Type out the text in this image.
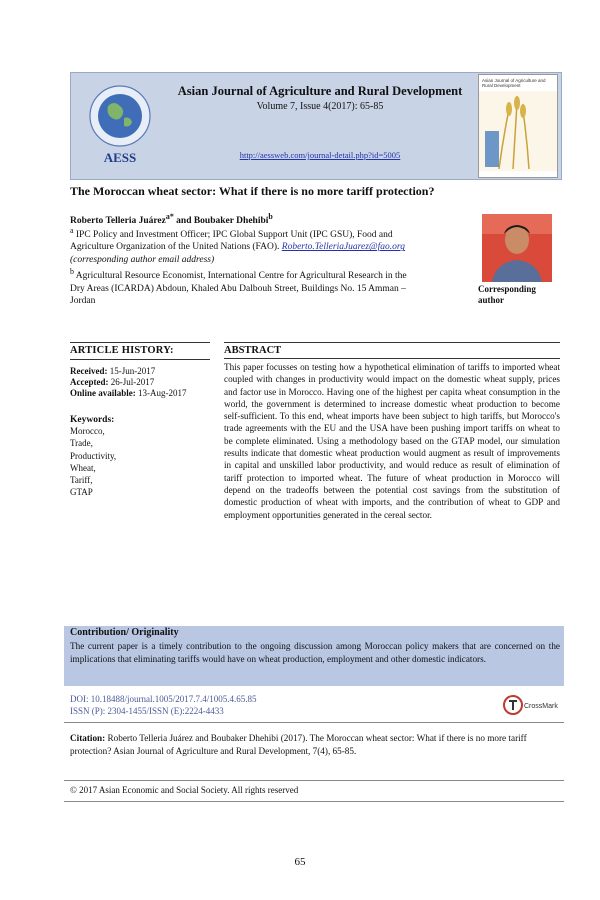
AESS
Asian Journal of Agriculture and Rural Development
Volume 7, Issue 4(2017): 65-85
http://aessweb.com/journal-detail.php?id=5005
Asian Journal of Agriculture and Rural Development
The Moroccan wheat sector: What if there is no more tariff protection?
Roberto Telleria Juárez$^{a*}$ and Boubaker Dhehibi$^b$
$^a$ IPC Policy and Investment Officer; IPC Global Support Unit (IPC GSU), Food and Agriculture Organization of the United Nations (FAO). Roberto.TelleriaJuarez@fao.org (corresponding author email address)
$^b$ Agricultural Resource Economist, International Centre for Agricultural Research in the Dry Areas (ICARDA) Abdoun, Khaled Abu Dalbouh Street, Buildings No. 15 Amman – Jordan
Corresponding author
ARTICLE HISTORY:
Received: 15-Jun-2017
Accepted: 26-Jul-2017
Online available: 13-Aug-2017
Keywords:
Morocco,
Trade,
Productivity,
Wheat,
Tariff,
GTAP
ABSTRACT
This paper focusses on testing how a hypothetical elimination of tariffs to imported wheat coupled with changes in productivity would impact on the domestic wheat supply, prices and factor use in Morocco. Having one of the highest per capita wheat consumption in the world, the government is determined to increase domestic wheat production to become self-sufficient. To this end, wheat imports have been subject to high tariffs, but Morocco's trade agreements with the EU and the USA have been pushing import tariffs on wheat to be complete eliminated. Using a methodology based on the GTAP model, our simulation results indicate that domestic wheat production would augment as result of improvements in capital and unskilled labor productivity, and would reduce as result of elimination of tariff protection to imported wheat. The future of wheat production in Morocco will depend on the tradeoffs between the potential cost savings from the substitution of domestic production of wheat with imports, and the contribution of wheat to GDP and employment opportunities generated in the cereal sector.
Contribution/ Originality
The current paper is a timely contribution to the ongoing discussion among Moroccan policy makers that are concerned on the implications that eliminating tariffs would have on wheat production, employment and other domestic indicators.
DOI: 10.18488/journal.1005/2017.7.4/1005.4.65.85
ISSN (P): 2304-1455/ISSN (E):2224-4433	CrossMark
Citation: Roberto Telleria Juárez and Boubaker Dhehibi (2017). The Moroccan wheat sector: What if there is no more tariff protection? Asian Journal of Agriculture and Rural Development, 7(4), 65-85.
© 2017 Asian Economic and Social Society. All rights reserved
65
